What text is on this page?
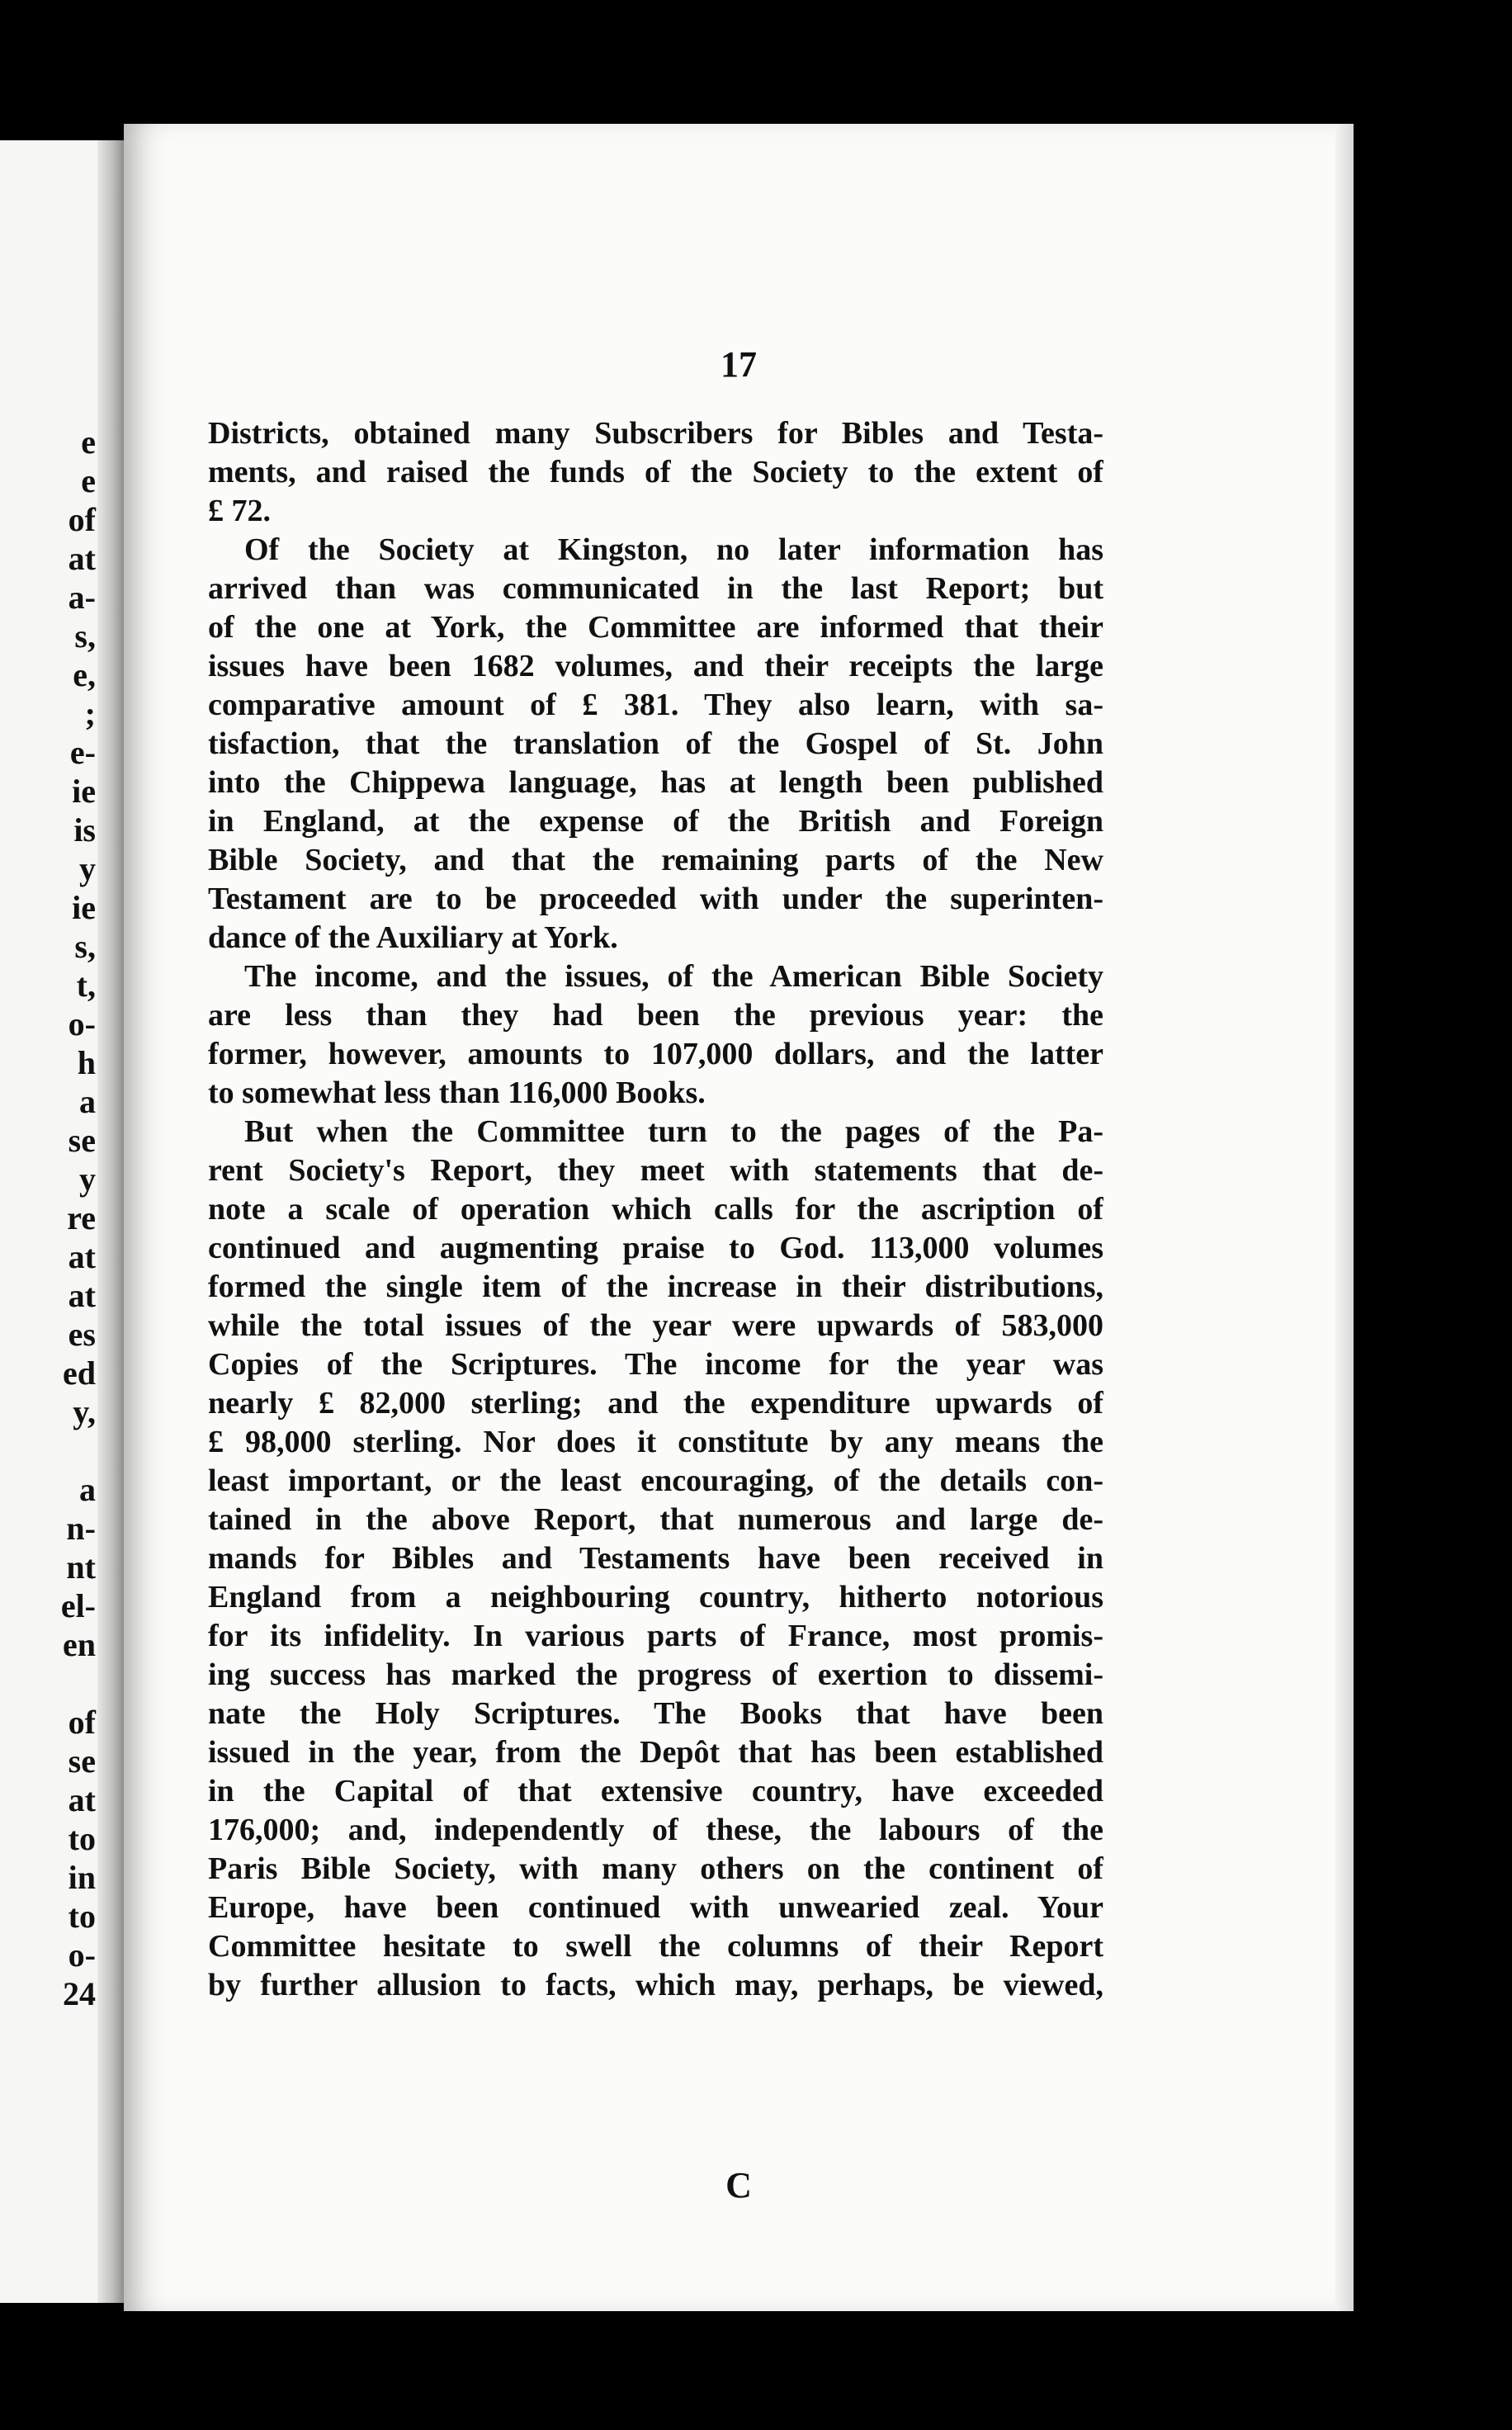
e
e
of
at
a-
s,
e,
;
e-
ie
is
y
ie
s,
t,
o-
h
a
se
y
re
at
at
es
ed
y,
a
n-
nt
el-
en
of
se
at
to
in
to
o-
24
17
Districts, obtained many Subscribers for Bibles and Testa-
ments, and raised the funds of the Society to the extent of
£ 72.
Of the Society at Kingston, no later information has
arrived than was communicated in the last Report; but
of the one at York, the Committee are informed that their
issues have been 1682 volumes, and their receipts the large
comparative amount of £ 381. They also learn, with sa-
tisfaction, that the translation of the Gospel of St. John
into the Chippewa language, has at length been published
in England, at the expense of the British and Foreign
Bible Society, and that the remaining parts of the New
Testament are to be proceeded with under the superinten-
dance of the Auxiliary at York.
The income, and the issues, of the American Bible Society
are less than they had been the previous year: the
former, however, amounts to 107,000 dollars, and the latter
to somewhat less than 116,000 Books.
But when the Committee turn to the pages of the Pa-
rent Society's Report, they meet with statements that de-
note a scale of operation which calls for the ascription of
continued and augmenting praise to God. 113,000 volumes
formed the single item of the increase in their distributions,
while the total issues of the year were upwards of 583,000
Copies of the Scriptures. The income for the year was
nearly £ 82,000 sterling; and the expenditure upwards of
£ 98,000 sterling. Nor does it constitute by any means the
least important, or the least encouraging, of the details con-
tained in the above Report, that numerous and large de-
mands for Bibles and Testaments have been received in
England from a neighbouring country, hitherto notorious
for its infidelity. In various parts of France, most promis-
ing success has marked the progress of exertion to dissemi-
nate the Holy Scriptures. The Books that have been
issued in the year, from the Depôt that has been established
in the Capital of that extensive country, have exceeded
176,000; and, independently of these, the labours of the
Paris Bible Society, with many others on the continent of
Europe, have been continued with unwearied zeal. Your
Committee hesitate to swell the columns of their Report
by further allusion to facts, which may, perhaps, be viewed,
C
